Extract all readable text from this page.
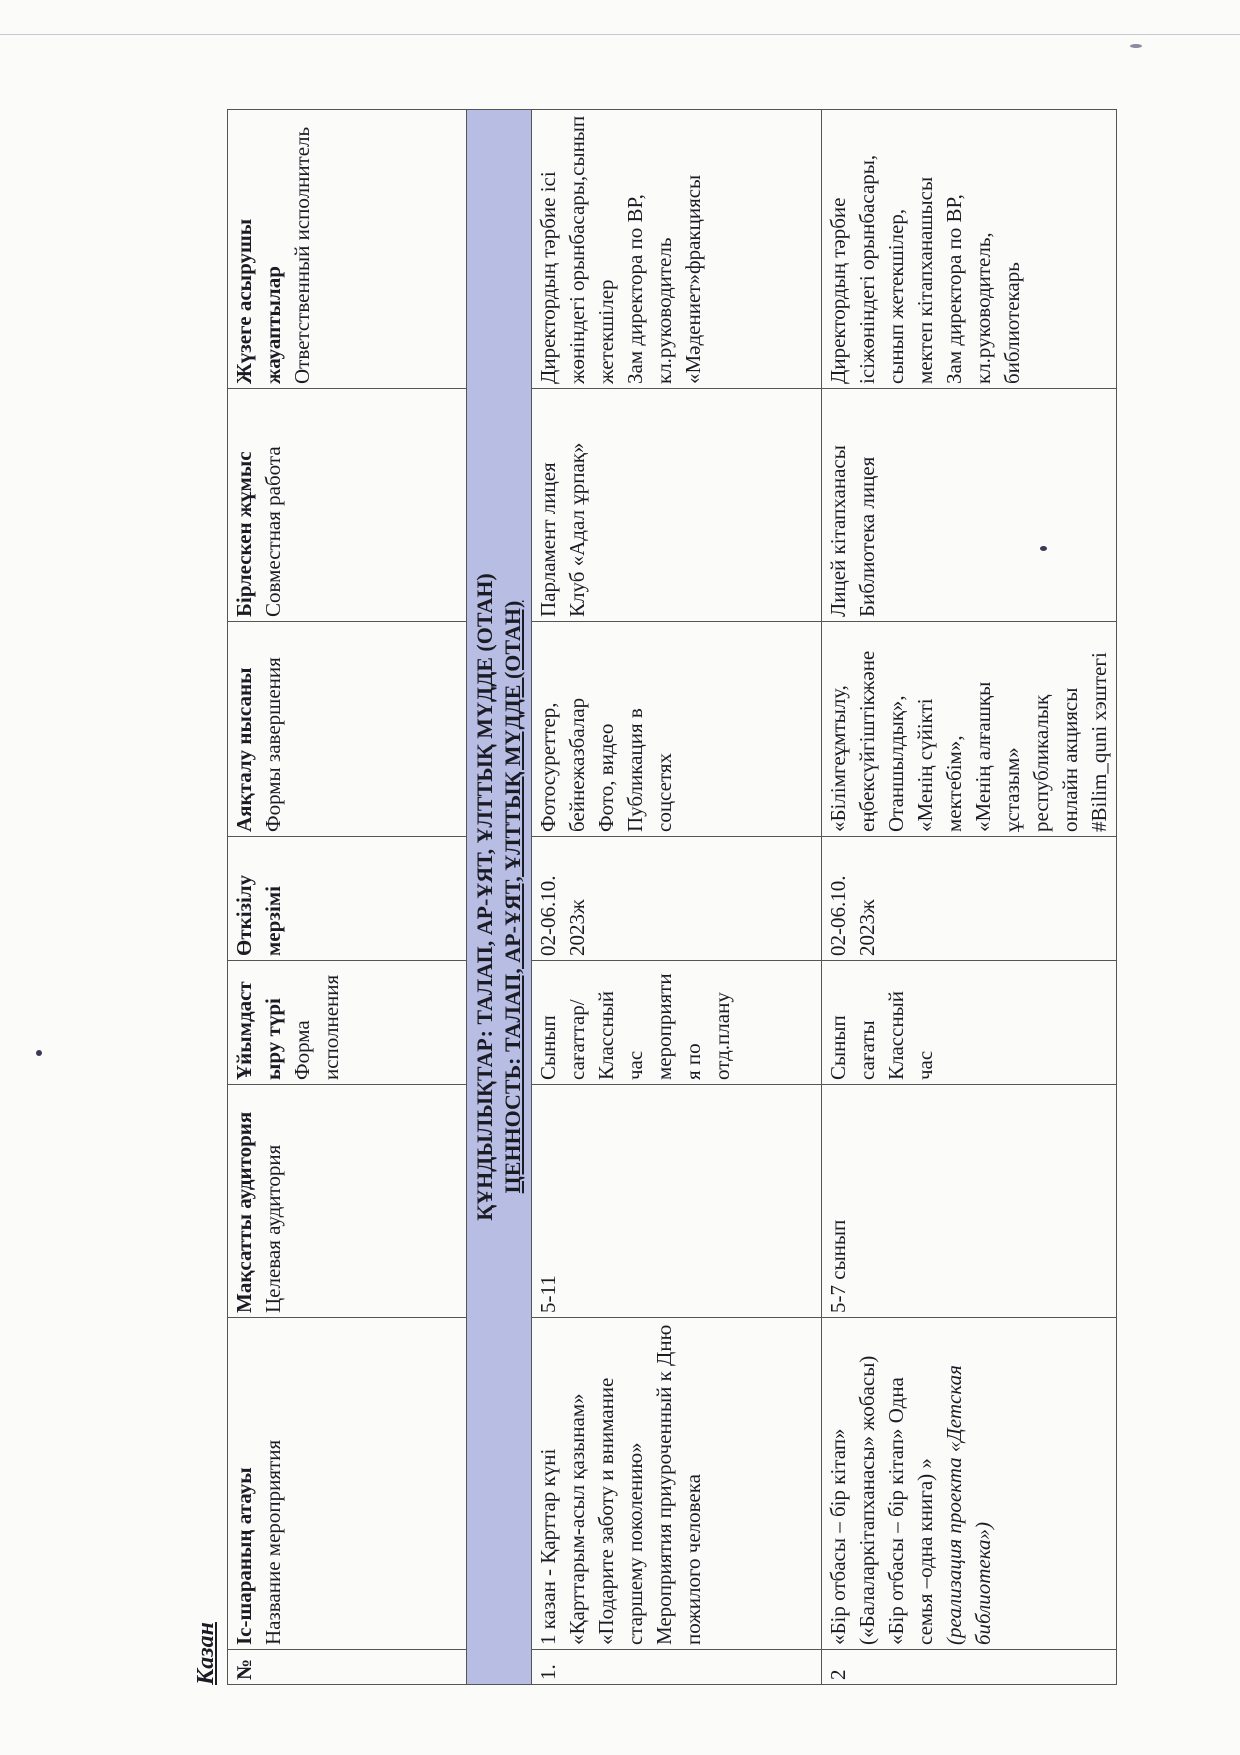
Казан №	Іс-шараның атауы Название мероприятия	Мақсатты аудитория Целевая аудитория	Ұйымдастыру түрі Форма исполнения	Өткізілу мерзімі	Аяқталу нысаны Формы завершения	Бірлескен жұмыс Совместная работа	Жүзеге асырушы жауаптылар Ответственный исполнитель

ҚҰНДЫЛЫҚТАР: ТАЛАП, АР-ҰЯТ, ҰЛТТЫҚ МҮДДЕ (ОТАН) ЦЕННОСТЬ: ТАЛАП, АР-ҰЯТ, ҰЛТТЫҚ МҮДДЕ (ОТАН)							

1.	1 казан - Қарттар күні «Қарттарым-асыл қазынам» «Подарите заботу и внимание старшему поколению» Мероприятия приуроченный к Дню пожилого человека	5-11	Сынып сағаттар/ Классный час мероприятия по отд.плану	02-06.10. 2023ж	Фотосуреттер, бейнежазбалар Фото, видео Публикация в соцсетях	Парламент лицея Клуб «Адал ұрпақ»	Директордың тәрбие ісі жөніндегі орынбасары,сынып жетекшілер Зам директора по ВР, кл.руководитель «Мәдениет»фракциясы

2	«Бір отбасы – бір кітап» («Балаларкітапханасы» жобасы) «Бір отбасы – бір кітап» Одна семья –одна книга) » (реализация проекта «Детская библиотека»)	5-7 сынып	Сынып сағаты Классный час	02-06.10. 2023ж	«Білімгеұмтылу, еңбексүйгіштікжәне Отаншылдық», «Менің сүйікті мектебім», «Менің алғашқы ұстазым» республикалық онлайн акциясы #Bilim_quni хэштегі	Лицей кітапханасы Библиотека лицея	Директордың тәрбие ісіжөніндегі орынбасары, сынып жетекшілер, мектеп кітапханашысы Зам директора по ВР, кл.руководитель, библиотекарь
